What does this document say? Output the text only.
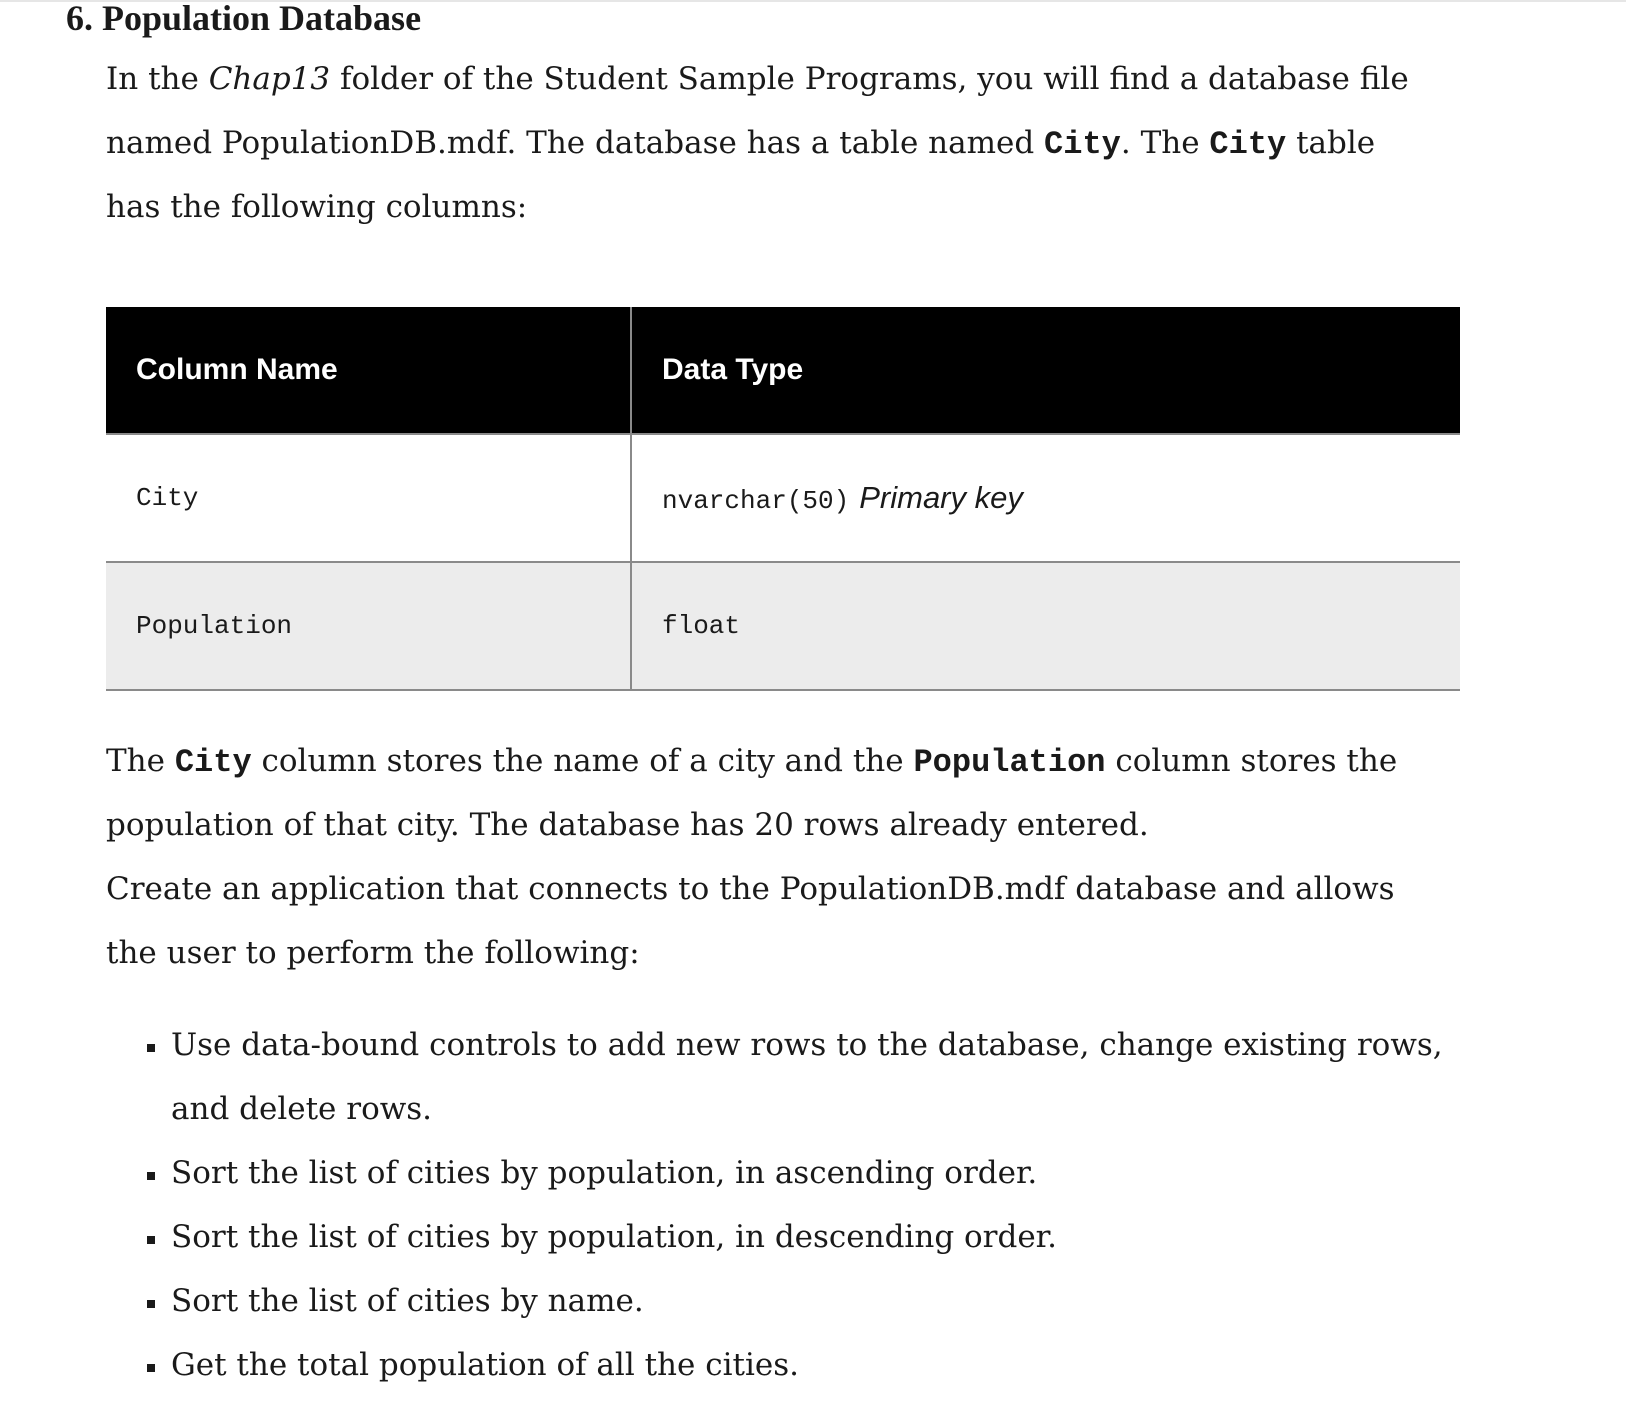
6. Population Database
In the Chap13 folder of the Student Sample Programs, you will find a database file
named PopulationDB.mdf. The database has a table named City. The City table
has the following columns:
Column Name	Data Type
City	nvarchar(50) Primary key
Population	float
The City column stores the name of a city and the Population column stores the
population of that city. The database has 20 rows already entered.
Create an application that connects to the PopulationDB.mdf database and allows
the user to perform the following:
Use data-bound controls to add new rows to the database, change existing rows,
and delete rows.
Sort the list of cities by population, in ascending order.
Sort the list of cities by population, in descending order.
Sort the list of cities by name.
Get the total population of all the cities.
